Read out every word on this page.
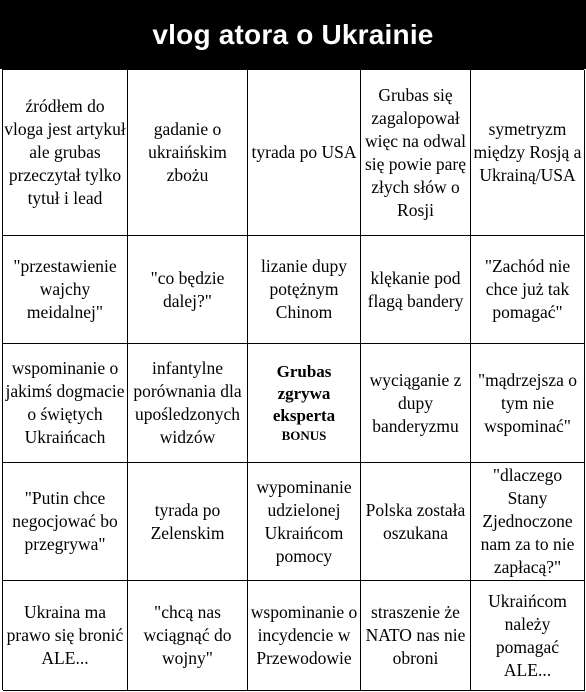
vlog atora o Ukrainie
źródłem do vloga jest artykuł ale grubas przeczytał tylko tytuł i lead
gadanie o ukraińskim zbożu
tyrada po USA
Grubas się zagalopował więc na odwal się powie parę złych słów o Rosji
symetryzm między Rosją a Ukrainą/USA
"przestawienie wajchy meidalnej"
"co będzie dalej?"
lizanie dupy potężnym Chinom
klękanie pod flagą bandery
"Zachód nie chce już tak pomagać"
wspominanie o jakimś dogmacie o świętych Ukraińcach
infantylne porównania dla upośledzonych widzów
Grubas zgrywa eksperta
BONUS
wyciąganie z dupy banderyzmu
"mądrzejsza o tym nie wspominać"
"Putin chce negocjować bo przegrywa"
tyrada po Zelenskim
wypominanie udzielonej Ukraińcom pomocy
Polska została oszukana
"dlaczego Stany Zjednoczone nam za to nie zapłacą?"
Ukraina ma prawo się bronić ALE...
"chcą nas wciągnąć do wojny"
wspominanie o incydencie w Przewodowie
straszenie że NATO nas nie obroni
Ukraińcom należy pomagać ALE...
